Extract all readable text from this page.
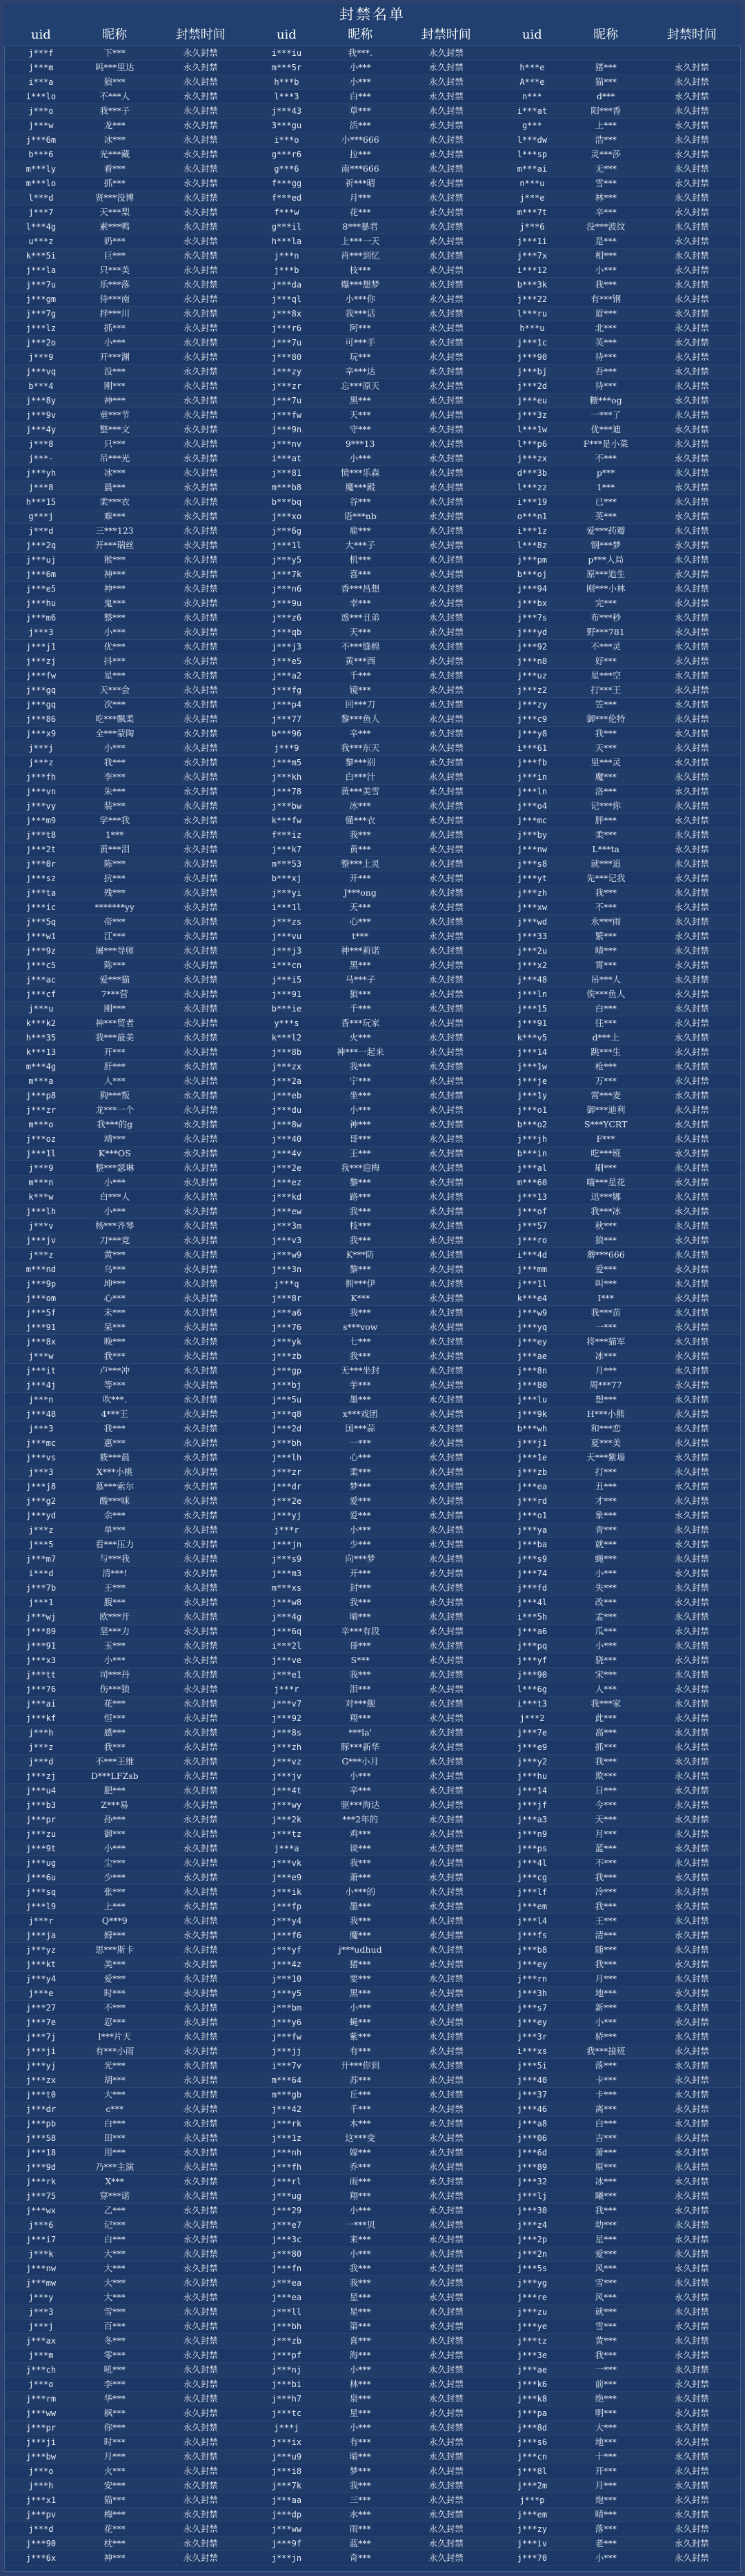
封禁名单
uid	昵称	封禁时间	uid	昵称	封禁时间	uid	昵称	封禁时间
j***f	下***	永久封禁	i***iu	我***.	永久封禁
j***m	吗***里达	永久封禁	m***5r	小***	永久封禁	h***e	猪***	永久封禁
i***a	狼***	永久封禁	h***b	小***	永久封禁	A***e	猫***	永久封禁
i***lo	不***人	永久封禁	l***3	白***	永久封禁	n***	d***	永久封禁
j***o	我***子	永久封禁	j***43	草***	永久封禁	i***at	阳***香	永久封禁
j***w	龙***	永久封禁	3***gu	活***	永久封禁	g***	上***	永久封禁
j***6m	冰***	永久封禁	i***o	小***666	永久封禁	l***dw	浩***	永久封禁
b***6	光***藏	永久封禁	g***r6	拉***	永久封禁	l***sp	灵***莎	永久封禁
m***ly	看***	永久封禁	g***6	南***666	永久封禁	m***ai	无***	永久封禁
m***lo	抓***	永久封禁	f***gg	祈***晴	永久封禁	n***u	雪***	永久封禁
l***d	贤***没博	永久封禁	f***ed	月***	永久封禁	j***e	林***	永久封禁
j***7	天***梨	永久封禁	f***w	花***	永久封禁	m***7t	辛***	永久封禁
l***4g	素***鸭	永久封禁	g***il	8***暴君	永久封禁	j***6	没***波纹	永久封禁
u***z	奶***	永久封禁	h***la	上***一天	永久封禁	j***1i	是***	永久封禁
k***5i	巨***	永久封禁	j***n	肖***到忆	永久封禁	j***7x	相***	永久封禁
j***la	只***美	永久封禁	j***b	枝***	永久封禁	i***12	小***	永久封禁
j***7u	乐***落	永久封禁	j***da	爆***想梦	永久封禁	b***3k	我***	永久封禁
j***gm	待***南	永久封禁	j***ql	小***你	永久封禁	j***22	有***钢	永久封禁
j***7g	拌***川	永久封禁	j***8x	我***话	永久封禁	l***ru	眉***	永久封禁
j***lz	抓***	永久封禁	j***r6	阿***	永久封禁	h***u	北***	永久封禁
j***2o	小***	永久封禁	j***7u	可***手	永久封禁	j***1c	英***	永久封禁
j***9	开***渊	永久封禁	j***80	玩***	永久封禁	j***90	待***	永久封禁
j***vq	没***	永久封禁	i***zy	辛***达	永久封禁	j***bj	吾***	永久封禁
b***4	刚***	永久封禁	j***zr	忘***原天	永久封禁	j***2d	待***	永久封禁
j***8y	神***	永久封禁	j***7u	黑***	永久封禁	j***eu	糖***og	永久封禁
j***9v	童***节	永久封禁	j***fw	天***	永久封禁	j***3z	一***了	永久封禁
j***4y	整***文	永久封禁	j***9n	守***	永久封禁	l***1w	优***迪	永久封禁
j***8	只***	永久封禁	j***nv	9***13	永久封禁	l***p6	F***是小菜	永久封禁
j***-	吊***光	永久封禁	i***at	小***	永久封禁	j***zx	不***	永久封禁
j***yh	冰***	永久封禁	j***81	愤***乐森	永久封禁	d***3b	p***	永久封禁
j***8	晨***	永久封禁	m***b8	魔***殿	永久封禁	l***zz	1***	永久封禁
h***15	柔***衣	永久封禁	b***bq	谷***	永久封禁	i***19	已***	永久封禁
g***j	难***	永久封禁	j***xo	语***nb	永久封禁	o***n1	英***	永久封禁
j***d	三***123	永久封禁	j***6g	雇***	永久封禁	i***1z	爱***药瓣	永久封禁
j***2q	开***瑞丝	永久封禁	j***1l	大***子	永久封禁	l***8z	钢***梦	永久封禁
j***uj	猴***	永久封禁	j***y5	机***	永久封禁	j***pm	p***人局	永久封禁
j***6m	神***	永久封禁	j***7k	喜***	永久封禁	b***oj	原***追生	永久封禁
j***e5	神***	永久封禁	j***n6	香***昌想	永久封禁	j***94	刚***小林	永久封禁
j***hu	鬼***	永久封禁	j***9u	幸***	永久封禁	j***bx	完***	永久封禁
j***m6	整***	永久封禁	j***z6	惑***丑弟	永久封禁	j***7s	布***秒	永久封禁
j***3	小***	永久封禁	j***qb	天***	永久封禁	j***yd	野***781	永久封禁
j***j1	优***	永久封禁	j***j3	不***缝棉	永久封禁	j***92	不***灵	永久封禁
j***zj	抖***	永久封禁	j***e5	黄***西	永久封禁	j***n8	好***	永久封禁
j***fw	星***	永久封禁	j***a2	千***	永久封禁	j***uz	星***空	永久封禁
j***gq	天***会	永久封禁	j***fg	镜***	永久封禁	j***z2	打***王	永久封禁
j***gq	次***	永久封禁	j***p4	回***刀	永久封禁	j***zy	笠***	永久封禁
j***86	吃***飘柔	永久封禁	j***77	黎***鱼人	永久封禁	j***c9	御***伦特	永久封禁
j***x9	全***蒙陶	永久封禁	b***96	辛***	永久封禁	j***y8	我***	永久封禁
j***j	小***	永久封禁	j***9	我***东天	永久封禁	i***61	天***	永久封禁
j***z	我***	永久封禁	j***m5	黎***别	永久封禁	j***fb	里***灵	永久封禁
j***fh	李***	永久封禁	j***kh	白***汁	永久封禁	j***in	魔***	永久封禁
j***vn	朱***	永久封禁	j***78	黄***美雪	永久封禁	j***ln	洛***	永久封禁
j***vy	装***	永久封禁	j***bw	冰***	永久封禁	j***o4	记***你	永久封禁
j***m9	学***我	永久封禁	k***fw	懂***衣	永久封禁	j***mc	胖***	永久封禁
j***t8	1***	永久封禁	f***iz	我***	永久封禁	j***by	柔***	永久封禁
j***2t	黄***泪	永久封禁	j***k7	黄***	永久封禁	j***nw	L***ta	永久封禁
j***0r	陈***	永久封禁	m***53	整***上灵	永久封禁	j***s8	就***追	永久封禁
j***sz	抗***	永久封禁	b***xj	开***	永久封禁	j***yt	先***记我	永久封禁
j***ta	残***	永久封禁	j***yi	J***ong	永久封禁	j***zh	我***	永久封禁
j***ic	*******yy	永久封禁	i***1l	天***	永久封禁	j***xw	不***	永久封禁
j***5q	帝***	永久封禁	j***zs	心***	永久封禁	j***wd	永***雨	永久封禁
j***w1	江***	永久封禁	j***vu	t***	永久封禁	j***33	繁***	永久封禁
j***9z	屠***导师	永久封禁	j***j3	神***莉诺	永久封禁	j***2u	晴***	永久封禁
j***c5	陈***	永久封禁	i***cn	黑***	永久封禁	j***x2	霄***	永久封禁
j***ac	爱***猫	永久封禁	j***i5	马***子	永久封禁	j***48	吊***人	永久封禁
j***cf	7***营	永久封禁	j***91	狼***	永久封禁	j***ln	俟***鱼人	永久封禁
j***u	刚***	永久封禁	b***ie	千***	永久封禁	j***15	白***	永久封禁
k***k2	神***贸者	永久封禁	y***s	香***玩家	永久封禁	j***91	往***	永久封禁
h***35	我***最美	永久封禁	k***l2	火***	永久封禁	k***v5	d***上	永久封禁
k***13	开***	永久封禁	j***8b	神***一起来	永久封禁	j***14	跳***生	永久封禁
m***4g	肝***	永久封禁	j***zx	我***	永久封禁	j***1w	枪***	永久封禁
m***a	人***	永久封禁	j***2a	宁***	永久封禁	j***je	万***	永久封禁
j***p8	狗***叛	永久封禁	j***eb	坐***	永久封禁	j***1y	霄***麦	永久封禁
j***zr	龙***一个	永久封禁	j***du	小***	永久封禁	j***o1	御***迪利	永久封禁
m***o	我***的g	永久封禁	j***8w	神***	永久封禁	b***o2	S***YCRT	永久封禁
j***oz	靖***	永久封禁	j***40	哥***	永久封禁	j***jh	F***	永久封禁
j***1l	K***OS	永久封禁	j***4v	王***	永久封禁	b***in	吃***班	永久封禁
j***9	整***瑟琳	永久封禁	j***2e	我***迎梅	永久封禁	j***al	刷***	永久封禁
m***n	小***	永久封禁	j***ez	黎***	永久封禁	m***60	喵***星花	永久封禁
k***w	白***人	永久封禁	j***kd	路***	永久封禁	j***13	迅***娜	永久封禁
j***lh	小***	永久封禁	j***ew	我***	永久封禁	j***of	我***冰	永久封禁
j***v	杨***齐琴	永久封禁	j***3m	枝***	永久封禁	j***57	秋***	永久封禁
j***jv	刀***竞	永久封禁	j***v3	我***	永久封禁	j***ro	狼***	永久封禁
j***z	黄***	永久封禁	j***w9	K***防	永久封禁	i***4d	蘑***666	永久封禁
m***nd	乌***	永久封禁	j***3n	黎***	永久封禁	j***mm	爱***	永久封禁
j***9p	坤***	永久封禁	j***q	拥***伊	永久封禁	j***1l	叫***	永久封禁
j***om	心***	永久封禁	j***8r	K***	永久封禁	k***e4	I***	永久封禁
j***5f	未***	永久封禁	j***a6	我***	永久封禁	j***w9	我***苗	永久封禁
j***91	呆***	永久封禁	j***76	s***vow	永久封禁	j***yq	一***	永久封禁
j***8x	晚***	永久封禁	j***yk	七***	永久封禁	j***ey	将***猫军	永久封禁
j***w	我***	永久封禁	j***zb	我***	永久封禁	j***ae	冰***	永久封禁
j***it	卢***冲	永久封禁	j***gp	无***坐封	永久封禁	j***8n	月***	永久封禁
j***4j	等***	永久封禁	j***bj	芋***	永久封禁	j***80	周***77	永久封禁
j***n	吹***.	永久封禁	j***5u	墨***	永久封禁	j***lu	想***	永久封禁
j***48	4***王	永久封禁	j***q8	x***戏团	永久封禁	j***9k	H***小熊	永久封禁
j***3	我***	永久封禁	j***2d	国***蒜	永久封禁	b***wh	和***恋	永久封禁
j***mc	惠***	永久封禁	j***bh	一***	永久封禁	j***j1	夏***美	永久封禁
j***vs	筱***晨	永久封禁	j***lh	心***	永久封禁	j***1e	天***紫墙	永久封禁
j***3	X***小桃	永久封禁	j***zr	柔***	永久封禁	j***zb	打***	永久封禁
j***j8	慕***索尔	永久封禁	j***dr	梦***	永久封禁	j***ea	丑***	永久封禁
j***g2	酸***咪	永久封禁	j***2e	爱***	永久封禁	j***rd	才***	永久封禁
j***yd	余***	永久封禁	j***yj	爱***	永久封禁	j***o1	象***	永久封禁
j***z	单***	永久封禁	j***r	小***	永久封禁	j***ya	青***	永久封禁
j***5	看***压力	永久封禁	j***jn	少***	永久封禁	j***ba	就***	永久封禁
j***m7	与***我	永久封禁	j***s9	向***梦	永久封禁	j***s9	蝇***	永久封禁
i***d	清***!	永久封禁	j***m3	开***	永久封禁	j***74	小***	永久封禁
j***7b	王***	永久封禁	m***xs	封***	永久封禁	j***fd	失***	永久封禁
j***1	腹***	永久封禁	j***w8	我***	永久封禁	j***4l	改***	永久封禁
j***wj	欧***开	永久封禁	j***4g	晴***	永久封禁	i***5h	孟***	永久封禁
j***89	坚***力	永久封禁	j***6q	辛***有段	永久封禁	j***a6	瓜***	永久封禁
j***91	玉***	永久封禁	i***2l	哥***	永久封禁	j***pq	小***	永久封禁
j***x3	小***	永久封禁	j***ve	S***	永久封禁	j***yf	骁***	永久封禁
j***tt	司***丹	永久封禁	j***e1	我***	永久封禁	j***90	宋***	永久封禁
j***76	伤***狼	永久封禁	j***r	泪***	永久封禁	l***6g	人***	永久封禁
j***ai	花***	永久封禁	j***v7	对***舰	永久封禁	i***t3	我***家	永久封禁
j***kf	恒***	永久封禁	j***92	翔***	永久封禁	j***2	此***	永久封禁
j***h	感***	永久封禁	j***8s	***la'	永久封禁	j***7e	高***	永久封禁
j***z	我***	永久封禁	j***zh	豚***新华	永久封禁	j***e9	抓***	永久封禁
j***d	不***王维	永久封禁	j***vz	G***小月	永久封禁	j***y2	我***	永久封禁
j***zj	D***LFZsb	永久封禁	j***jv	小***	永久封禁	j***hu	欺***	永久封禁
j***u4	肥***	永久封禁	j***4t	辛***	永久封禁	j***14	日***	永久封禁
j***b3	Z***易	永久封禁	j***wy	驱***海达	永久封禁	j***jf	今***	永久封禁
j***pr	孙***	永久封禁	j***2k	***2年的	永久封禁	j***a3	天***	永久封禁
j***zu	御***	永久封禁	j***tz	鸡***	永久封禁	j***n9	月***	永久封禁
j***9t	小***	永久封禁	j***a	谈***	永久封禁	j***ps	蓝***	永久封禁
j***ug	尘***	永久封禁	j***vk	我***	永久封禁	j***4l	不***	永久封禁
j***6u	少***	永久封禁	j***e9	萧***	永久封禁	j***cg	我***	永久封禁
j***sq	张***	永久封禁	j***ik	小***的	永久封禁	j***lf	冷***	永久封禁
j***l9	上***	永久封禁	j***fp	墨***	永久封禁	j***em	我***	永久封禁
j***r	Q***9	永久封禁	j***y4	我***	永久封禁	j***l4	王***	永久封禁
j***ja	姆***	永久封禁	j***f6	魔***	永久封禁	j***fs	清***	永久封禁
j***yz	思***斯卡	永久封禁	j***yf	j***udhud	永久封禁	j***b8	随***	永久封禁
j***kt	美***	永久封禁	j***4z	猪***	永久封禁	j***ey	我***	永久封禁
j***y4	爱***	永久封禁	j***10	要***	永久封禁	j***rn	月***	永久封禁
j***e	时***	永久封禁	j***y5	黑***	永久封禁	j***3h	地***	永久封禁
j***27	不***	永久封禁	j***bm	小***	永久封禁	j***s7	新***	永久封禁
j***7e	忍***	永久封禁	j***y6	蝇***	永久封禁	j***ey	小***	永久封禁
j***7j	l***片天	永久封禁	j***fw	紫***	永久封禁	j***3r	骄***	永久封禁
j***ji	有***小雨	永久封禁	j***jj	有***	永久封禁	i***xs	我***接班	永久封禁
j***yj	光***	永久封禁	i***7v	开***你到	永久封禁	j***5i	落***	永久封禁
j***zx	胡***	永久封禁	m***64	苏***	永久封禁	j***40	卡***	永久封禁
j***t0	大***	永久封禁	m***gb	丘***	永久封禁	j***37	卡***	永久封禁
j***dr	c***	永久封禁	j***42	千***	永久封禁	j***46	离***	永久封禁
j***pb	白***	永久封禁	j***rk	木***	永久封禁	j***a8	白***	永久封禁
j***58	田***	永久封禁	j***1z	这***变	永久封禁	j***06	吉***	永久封禁
j***18	用***	永久封禁	j***nh	嫁***	永久封禁	j***6d	萧***	永久封禁
j***9d	乃***主演	永久封禁	j***fh	乔***	永久封禁	j***89	原***	永久封禁
j***rk	X***	永久封禁	j***rl	雨***	永久封禁	j***32	冰***	永久封禁
j***75	穿***诺	永久封禁	j***ug	翔***	永久封禁	j***lj	曦***	永久封禁
j***wx	乙***	永久封禁	j***29	小***	永久封禁	j***30	我***	永久封禁
j***6	记***	永久封禁	j***e7	一***贝	永久封禁	j***z4	幼***	永久封禁
j***i7	白***	永久封禁	j***3c	来***	永久封禁	j***2p	星***	永久封禁
j***k	大***	永久封禁	j***80	小***	永久封禁	j***2n	爱***	永久封禁
j***nw	大***	永久封禁	j***fn	我***	永久封禁	j***5s	风***	永久封禁
j***mw	大***	永久封禁	j***ea	我***	永久封禁	j***yg	雪***	永久封禁
j***y	大***	永久封禁	j***ea	星***	永久封禁	j***re	风***	永久封禁
j***3	雪***	永久封禁	j***ll	星***	永久封禁	j***zu	就***	永久封禁
j***j	百***	永久封禁	j***bh	第***	永久封禁	j***ye	雪***	永久封禁
j***ax	冬***	永久封禁	j***zb	喜***	永久封禁	j***tz	黄***	永久封禁
j***m	零***	永久封禁	j***pf	海***	永久封禁	j***3e	我***	永久封禁
j***ch	吼***	永久封禁	j***nj	小***	永久封禁	j***ae	一***	永久封禁
j***o	李***	永久封禁	j***bi	林***	永久封禁	j***k6	前***	永久封禁
j***rm	华***	永久封禁	j***h7	泉***	永久封禁	j***k8	绝***	永久封禁
j***ww	枫***	永久封禁	j***tc	星***	永久封禁	j***pa	明***	永久封禁
j***pr	你***	永久封禁	j***j	小***	永久封禁	j***8d	大***	永久封禁
j***ji	时***	永久封禁	j***ix	有***	永久封禁	j***s6	地***	永久封禁
j***bw	月***	永久封禁	j***u9	晴***	永久封禁	j***cn	十***	永久封禁
j***o	火***	永久封禁	j***i8	梦***	永久封禁	j***8l	开***	永久封禁
j***h	安***	永久封禁	j***7k	我***	永久封禁	j***2m	月***	永久封禁
j***x1	猫***	永久封禁	j***aa	三***	永久封禁	j***p	炮***	永久封禁
j***pv	梅***	永久封禁	j***dp	水***	永久封禁	j***em	晴***	永久封禁
j***d	花***	永久封禁	j***ww	雨***	永久封禁	j***zy	落***	永久封禁
j***90	枕***	永久封禁	j***9f	蓝***	永久封禁	j***iv	老***	永久封禁
j***6x	神***	永久封禁	j***jn	奇***	永久封禁	j***70	小***	永久封禁
